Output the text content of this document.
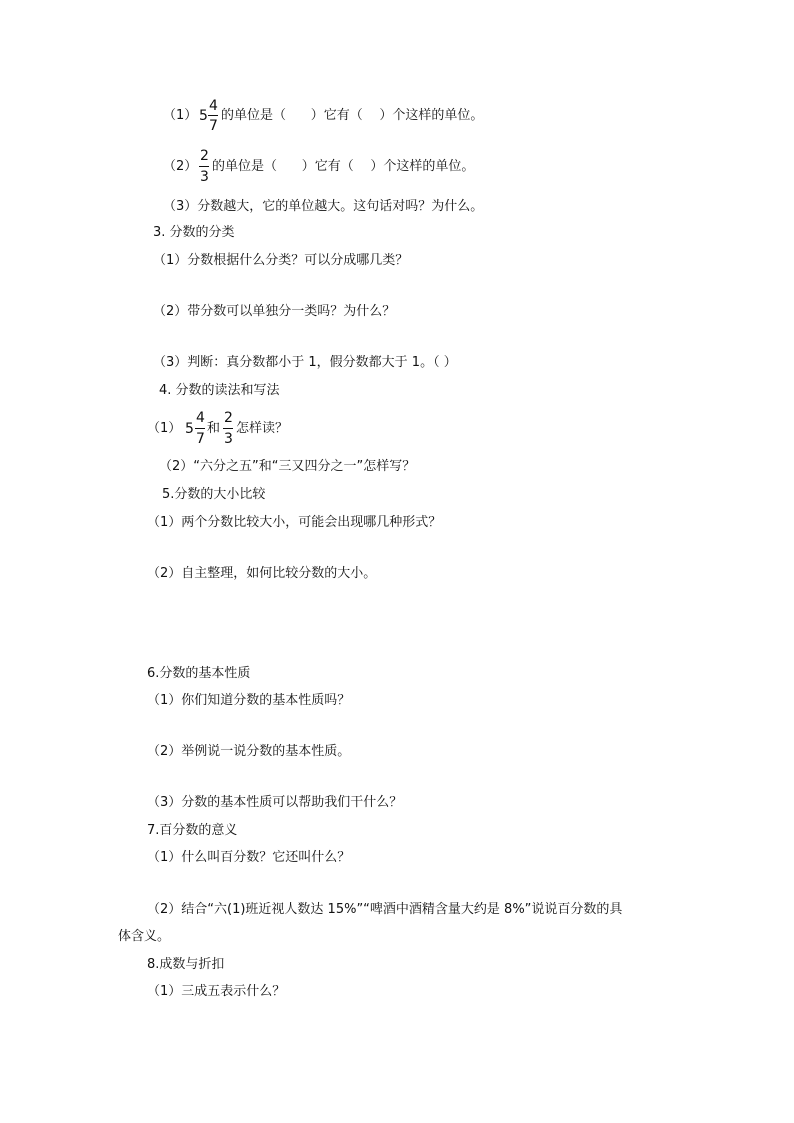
（1） 5
4
7
的单位是（      ）它有（    ）个这样的单位。
（2）
2
3
的单位是（      ）它有（    ）个这样的单位。
（3）分数越大，它的单位越大。这句话对吗？为什么。
3. 分数的分类
（1）分数根据什么分类？可以分成哪几类？
（2）带分数可以单独分一类吗？为什么？
（3）判断：真分数都小于 1，假分数都大于 1。（ ）
4. 分数的读法和写法
（1） 5
4
7
和
2
3
怎样读？
（2）“六分之五”和“三又四分之一”怎样写？
5.分数的大小比较
（1）两个分数比较大小，可能会出现哪几种形式？
（2）自主整理，如何比较分数的大小。
6.分数的基本性质
（1）你们知道分数的基本性质吗？
（2）举例说一说分数的基本性质。
（3）分数的基本性质可以帮助我们干什么？
7.百分数的意义
（1）什么叫百分数？它还叫什么？
（2）结合“六(1)班近视人数达 15%”“啤酒中酒精含量大约是 8%”说说百分数的具
体含义。
8.成数与折扣
（1）三成五表示什么？
